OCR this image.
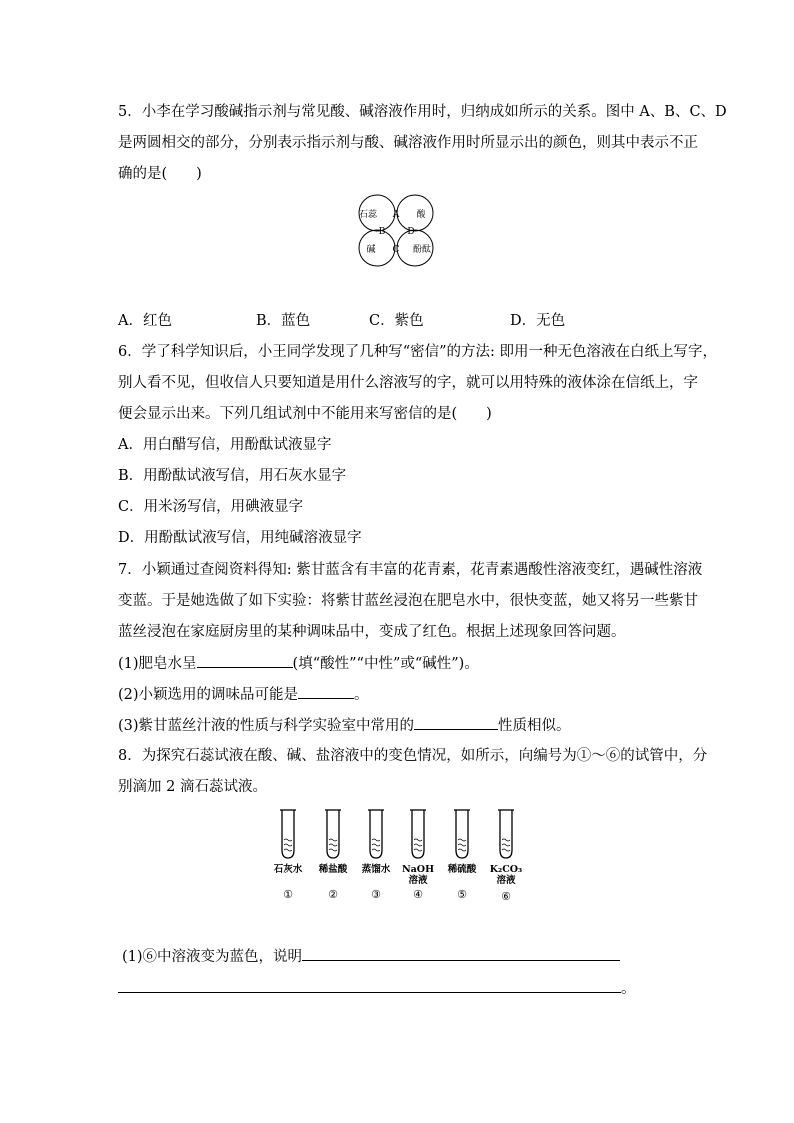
5．小李在学习酸碱指示剂与常见酸、碱溶液作用时，归纳成如所示的关系。图中 A、B、C、D
是两圆相交的部分，分别表示指示剂与酸、碱溶液作用时所显示出的颜色，则其中表示不正
确的是(　　)
石蕊	酸
碱	酚酞
A
B
C
D
A．红色	B．蓝色	C．紫色	D．无色
6．学了科学知识后，小王同学发现了几种写“密信”的方法: 即用一种无色溶液在白纸上写字，
别人看不见，但收信人只要知道是用什么溶液写的字，就可以用特殊的液体涂在信纸上，字
便会显示出来。下列几组试剂中不能用来写密信的是(　　)
A．用白醋写信，用酚酞试液显字
B．用酚酞试液写信，用石灰水显字
C．用米汤写信，用碘液显字
D．用酚酞试液写信，用纯碱溶液显字
7．小颖通过查阅资料得知: 紫甘蓝含有丰富的花青素，花青素遇酸性溶液变红，遇碱性溶液
变蓝。于是她选做了如下实验：将紫甘蓝丝浸泡在肥皂水中，很快变蓝，她又将另一些紫甘
蓝丝浸泡在家庭厨房里的某种调味品中，变成了红色。根据上述现象回答问题。
(1)肥皂水呈	(填“酸性”“中性”或“碱性”)。
(2)小颖选用的调味品可能是	。
(3)紫甘蓝丝汁液的性质与科学实验室中常用的	性质相似。
8．为探究石蕊试液在酸、碱、盐溶液中的变色情况，如所示，向编号为①～⑥的试管中，分
别滴加 2 滴石蕊试液。
石灰水 稀盐酸 蒸馏水 NaOH
溶液
稀硫酸 K₂CO₃
溶液
①	②	③	④	⑤	⑥
(1)⑥中溶液变为蓝色，说明
。
